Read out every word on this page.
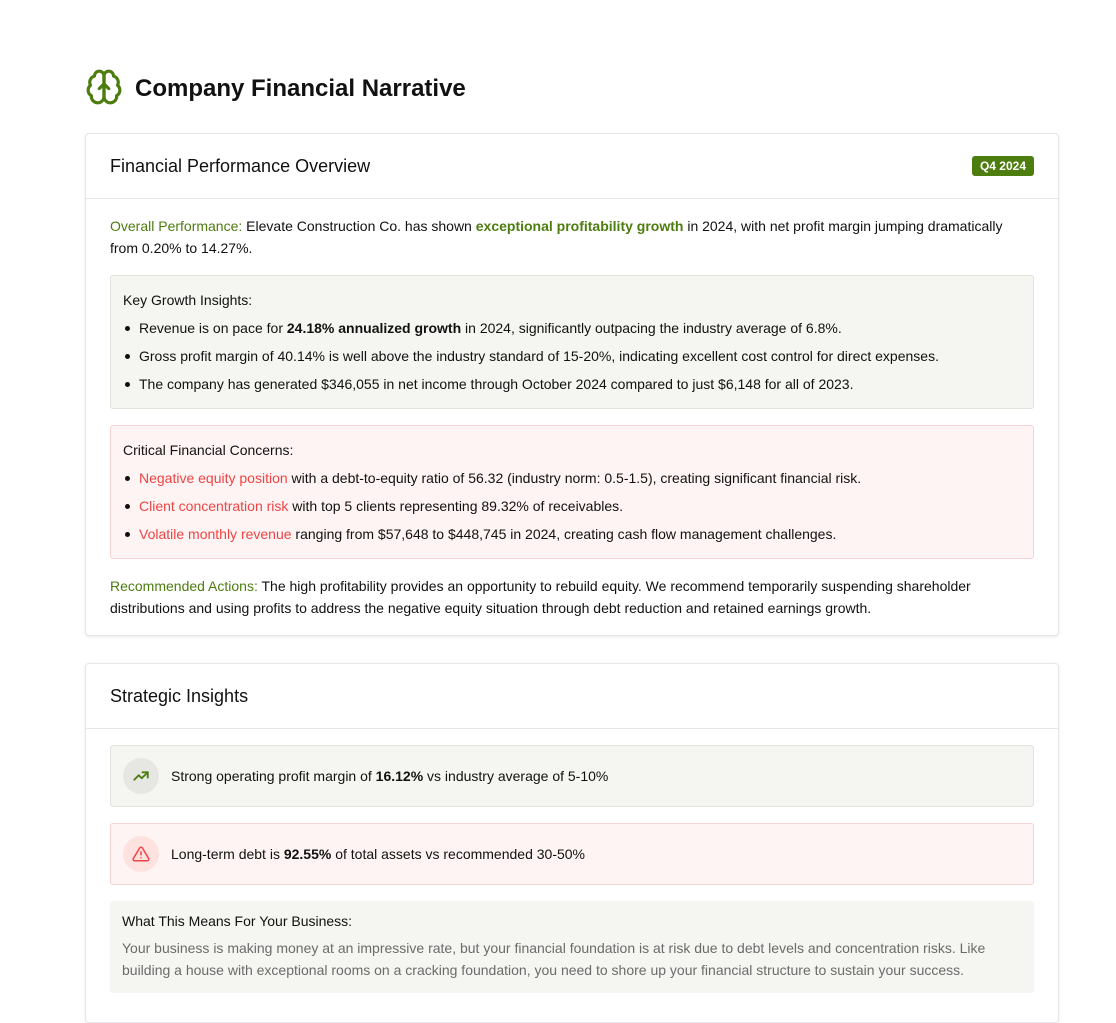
Company Financial Narrative
Financial Performance Overview	Q4 2024

Overall Performance: Elevate Construction Co. has shown exceptional profitability growth in 2024, with net profit margin jumping dramatically from 0.20% to 14.27%.

Key Growth Insights:
Revenue is on pace for 24.18% annualized growth in 2024, significantly outpacing the industry average of 6.8%.
Gross profit margin of 40.14% is well above the industry standard of 15-20%, indicating excellent cost control for direct expenses.
The company has generated $346,055 in net income through October 2024 compared to just $6,148 for all of 2023.
Critical Financial Concerns:
Negative equity position with a debt-to-equity ratio of 56.32 (industry norm: 0.5-1.5), creating significant financial risk.
Client concentration risk with top 5 clients representing 89.32% of receivables.
Volatile monthly revenue ranging from $57,648 to $448,745 in 2024, creating cash flow management challenges.

Recommended Actions: The high profitability provides an opportunity to rebuild equity. We recommend temporarily suspending shareholder distributions and using profits to address the negative equity situation through debt reduction and retained earnings growth.

Strategic Insights
Strong operating profit margin of 16.12% vs industry average of 5-10%
Long-term debt is 92.55% of total assets vs recommended 30-50%
What This Means For Your Business:

Your business is making money at an impressive rate, but your financial foundation is at risk due to debt levels and concentration risks. Like building a house with exceptional rooms on a cracking foundation, you need to shore up your financial structure to sustain your success.
